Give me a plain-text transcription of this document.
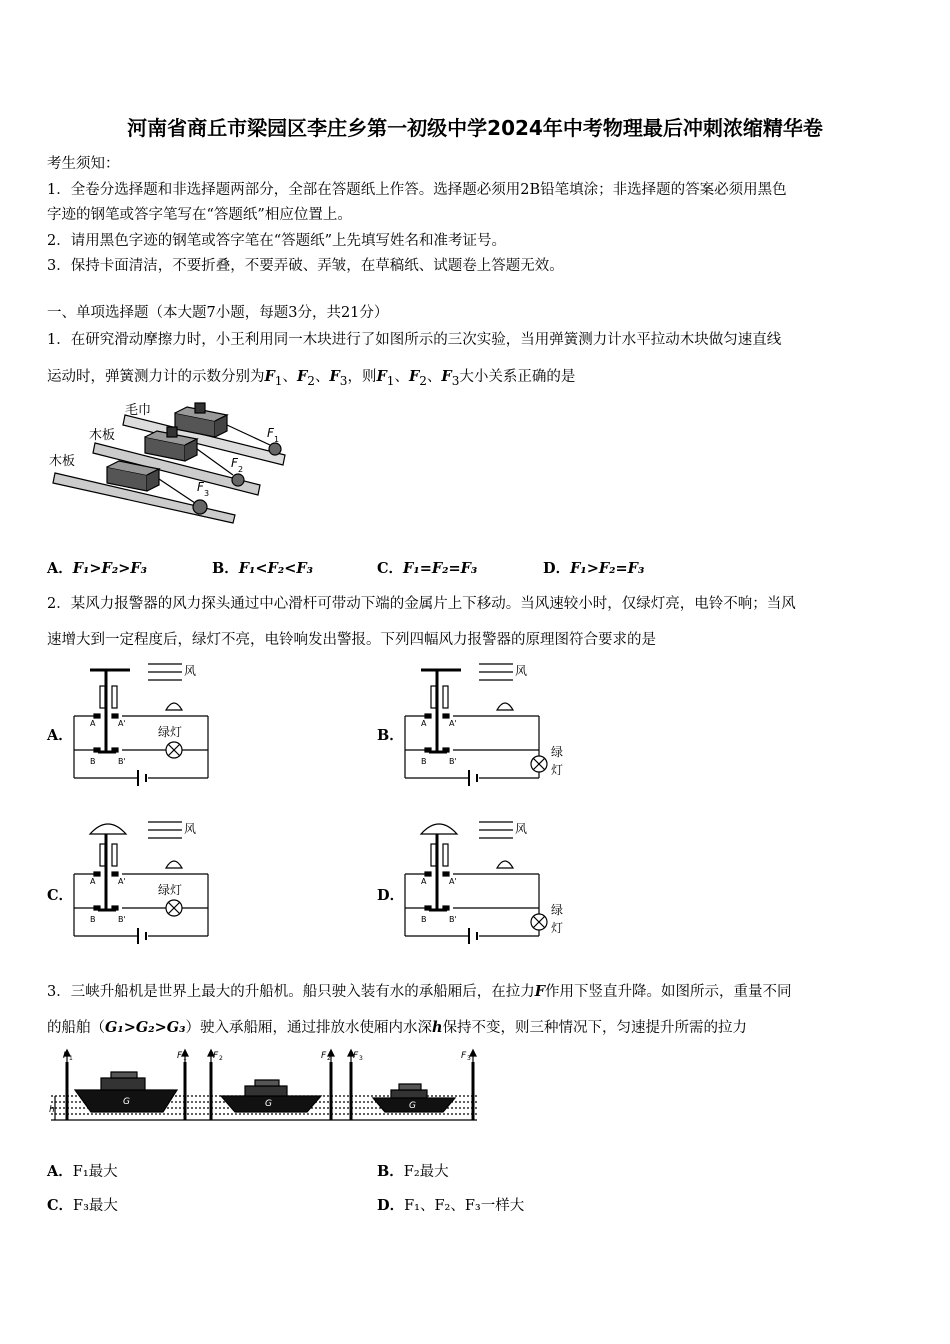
河南省商丘市梁园区李庄乡第一初级中学2024年中考物理最后冲刺浓缩精华卷
考生须知：
1．全卷分选择题和非选择题两部分，全部在答题纸上作答。选择题必须用2B铅笔填涂；非选择题的答案必须用黑色
字迹的钢笔或答字笔写在“答题纸”相应位置上。
2．请用黑色字迹的钢笔或答字笔在“答题纸”上先填写姓名和准考证号。
3．保持卡面清洁，不要折叠，不要弄破、弄皱，在草稿纸、试题卷上答题无效。
一、单项选择题（本大题7小题，每题3分，共21分）
1．在研究滑动摩擦力时，小王利用同一木块进行了如图所示的三次实验，当用弹簧测力计水平拉动木块做匀速直线
运动时，弹簧测力计的示数分别为$F_1$、$F_2$、$F_3$，则$F_1$、$F_2$、$F_3$大小关系正确的是
毛巾
木板
木板
F 1
F 2
F 3
A．F₁>F₂>F₃	B．F₁<F₂<F₃	C．F₁=F₂=F₃	D．F₁>F₂=F₃
2．某风力报警器的风力探头通过中心滑杆可带动下端的金属片上下移动。当风速较小时，仅绿灯亮，电铃不响；当风
速增大到一定程度后，绿灯不亮，电铃响发出警报。下列四幅风力报警器的原理图符合要求的是
A．	B．
C．	D．
风
绿灯
A	A'
B	B'
风
绿
灯
A	A'
B	B'
风
绿灯
A	A'
B	B'
风
绿
灯
A	A'
B	B'
3．三峡升船机是世界上最大的升船机。船只驶入装有水的承船厢后，在拉力F作用下竖直升降。如图所示，重量不同
的船舶（G₁>G₂>G₃）驶入承船厢，通过排放水使厢内水深h保持不变，则三种情况下，匀速提升所需的拉力
F 1	F 1	F 2	F 2 F 3	F 3
h
G	G	G
A．F₁最大	B．F₂最大
C．F₃最大	D．F₁、F₂、F₃一样大
